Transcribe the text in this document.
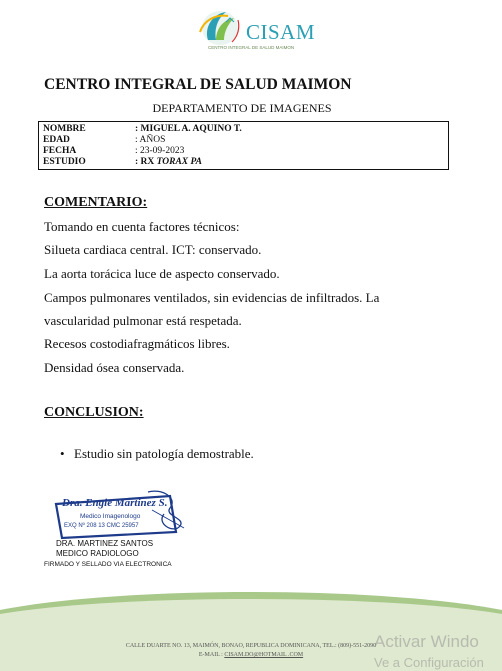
CISAM
CENTRO INTEGRAL DE SALUD MAIMON
CENTRO INTEGRAL DE SALUD MAIMON
DEPARTAMENTO DE IMAGENES
NOMBRE	: MIGUEL A. AQUINO T.
EDAD	: AÑOS
FECHA	: 23-09-2023
ESTUDIO	: RX TORAX PA
COMENTARIO:
Tomando en cuenta factores técnicos:
Silueta cardiaca central. ICT: conservado.
La aorta torácica luce de aspecto conservado.
Campos pulmonares ventilados, sin evidencias de infiltrados. La
vascularidad pulmonar está respetada.
Recesos costodiafragmáticos libres.
Densidad ósea conservada.
CONCLUSION:
• Estudio sin patología demostrable.
Dra. Engie Martinez S.
Medico Imagenologo
EXQ Nº 208 13 CMC 25957
DRA. MARTINEZ SANTOS
MEDICO RADIOLOGO
FIRMADO Y SELLADO VIA ELECTRONICA
CALLE DUARTE NO. 13, MAIMÓN, BONAO, REPUBLICA DOMINICANA, TEL.: (809)-551-2090
E-MAIL : CISAM.DO@HOTMAIL .COM
Activar Windo
Ve a Configuración
